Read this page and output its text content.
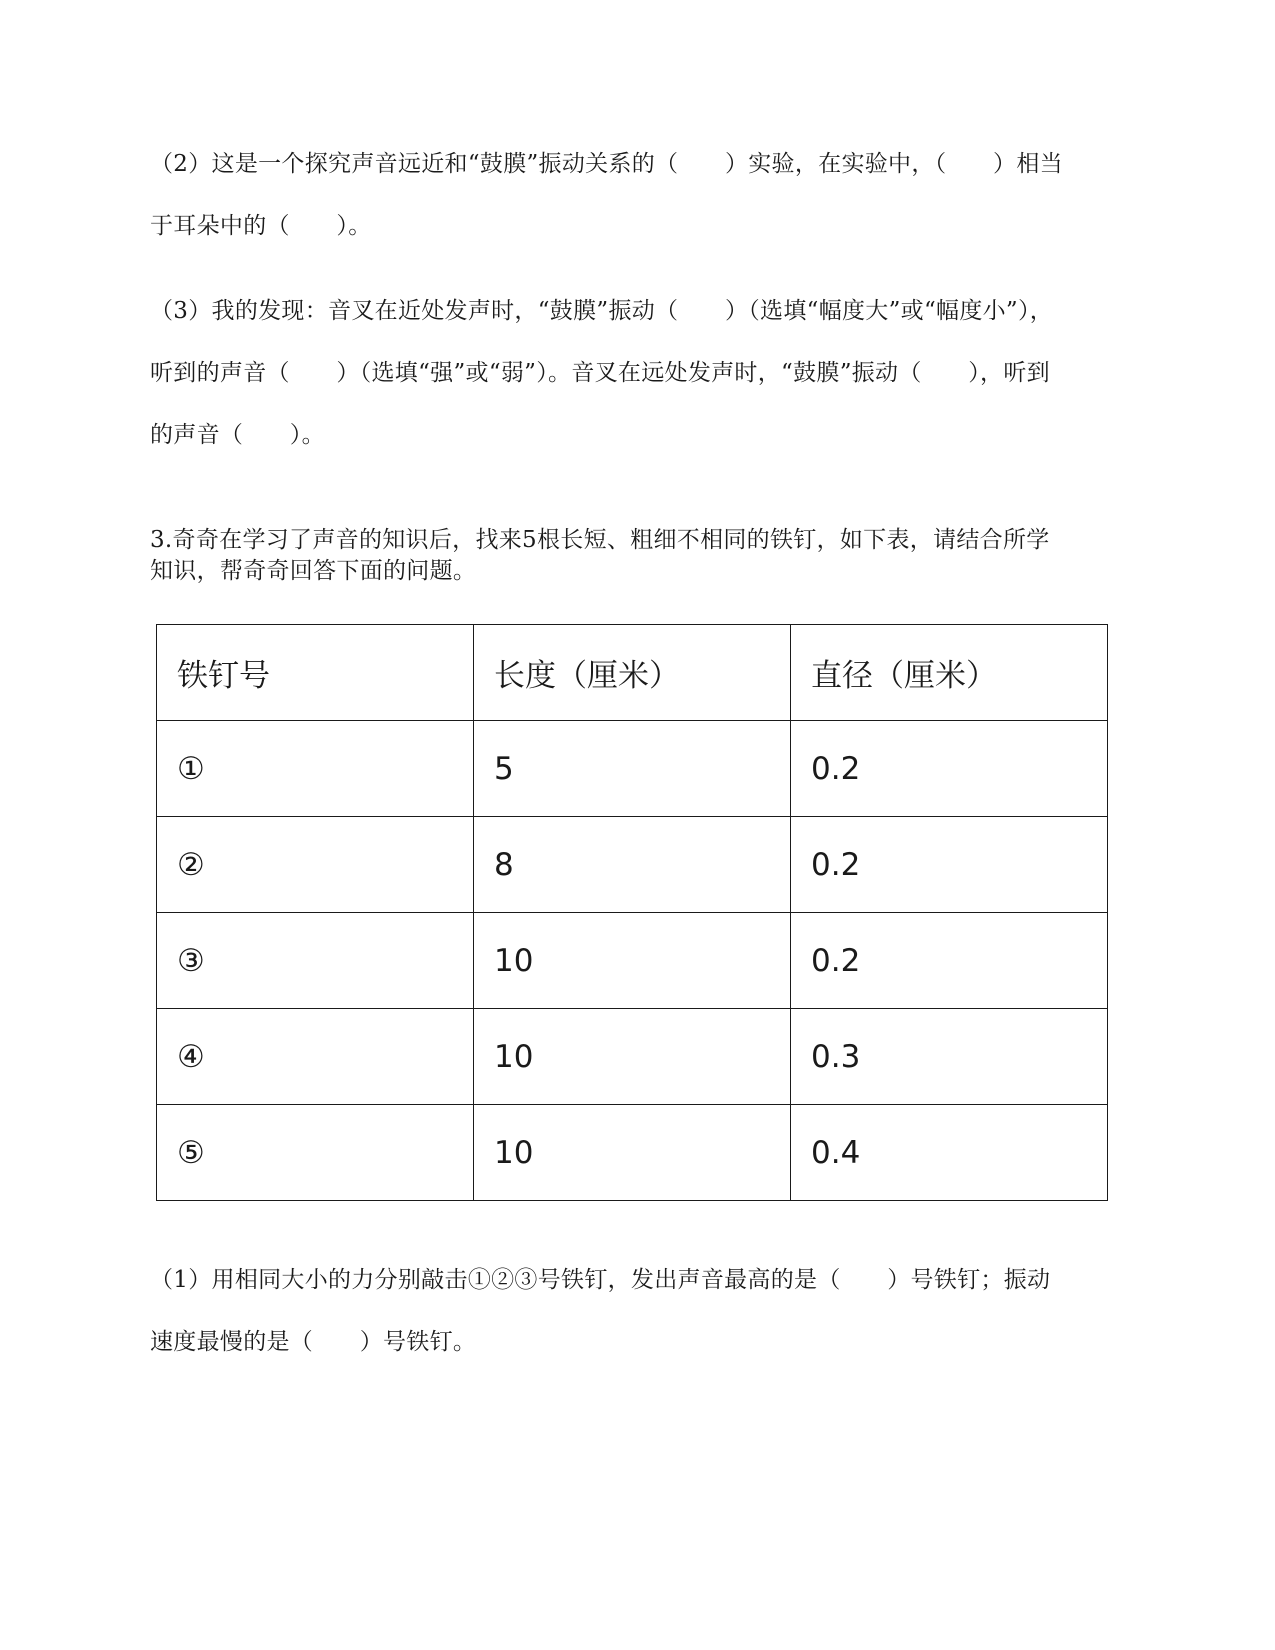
（2）这是一个探究声音远近和“鼓膜”振动关系的（　　）实验，在实验中，（　　）相当
于耳朵中的（　　）。
（3）我的发现：音叉在近处发声时，“鼓膜”振动（　　）（选填“幅度大”或“幅度小”），
听到的声音（　　）（选填“强”或“弱”）。音叉在远处发声时，“鼓膜”振动（　　），听到
的声音（　　）。
3.奇奇在学习了声音的知识后，找来5根长短、粗细不相同的铁钉，如下表，请结合所学
知识，帮奇奇回答下面的问题。
铁钉号	长度（厘米）	直径（厘米）
①	5	0.2
②	8	0.2
③	10	0.2
④	10	0.3
⑤	10	0.4
（1）用相同大小的力分别敲击①②③号铁钉，发出声音最高的是（　　）号铁钉；振动
速度最慢的是（　　）号铁钉。
